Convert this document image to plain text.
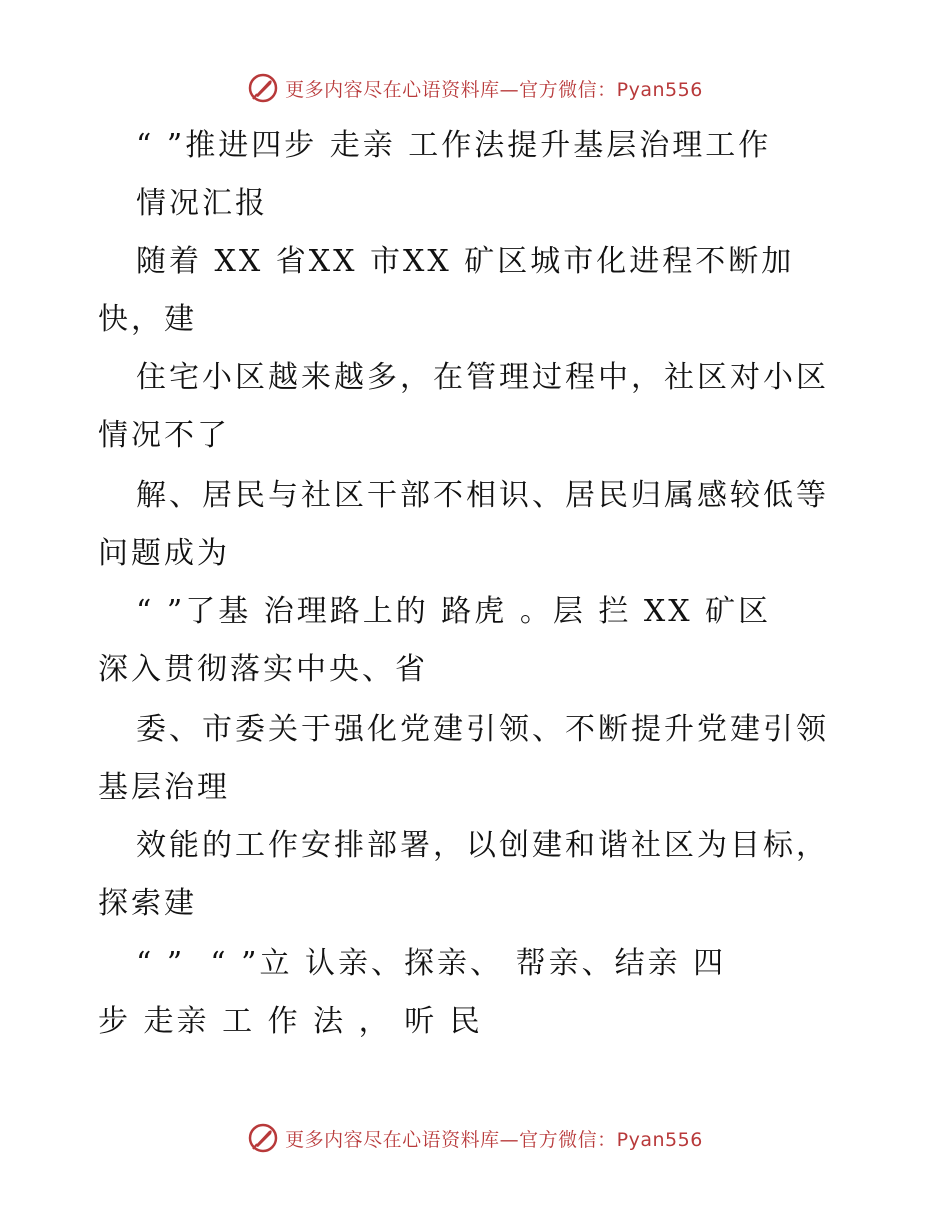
更多内容尽在心语资料库—官方微信：Pyan556
“ ”推进四步 走亲 工作法提升基层治理工作
情况汇报
随着 XX 省XX 市XX 矿区城市化进程不断加
快，建
住宅小区越来越多，在管理过程中，社区对小区
情况不了
解、居民与社区干部不相识、居民归属感较低等
问题成为
“ ”了基 治理路上的 路虎 。层 拦 XX 矿区
深入贯彻落实中央、省
委、市委关于强化党建引领、不断提升党建引领
基层治理
效能的工作安排部署，以创建和谐社区为目标，
探索建
“ ”  “ ”立 认亲、探亲、 帮亲、结亲 四
步 走亲 工 作 法 ， 听 民
更多内容尽在心语资料库—官方微信：Pyan556
